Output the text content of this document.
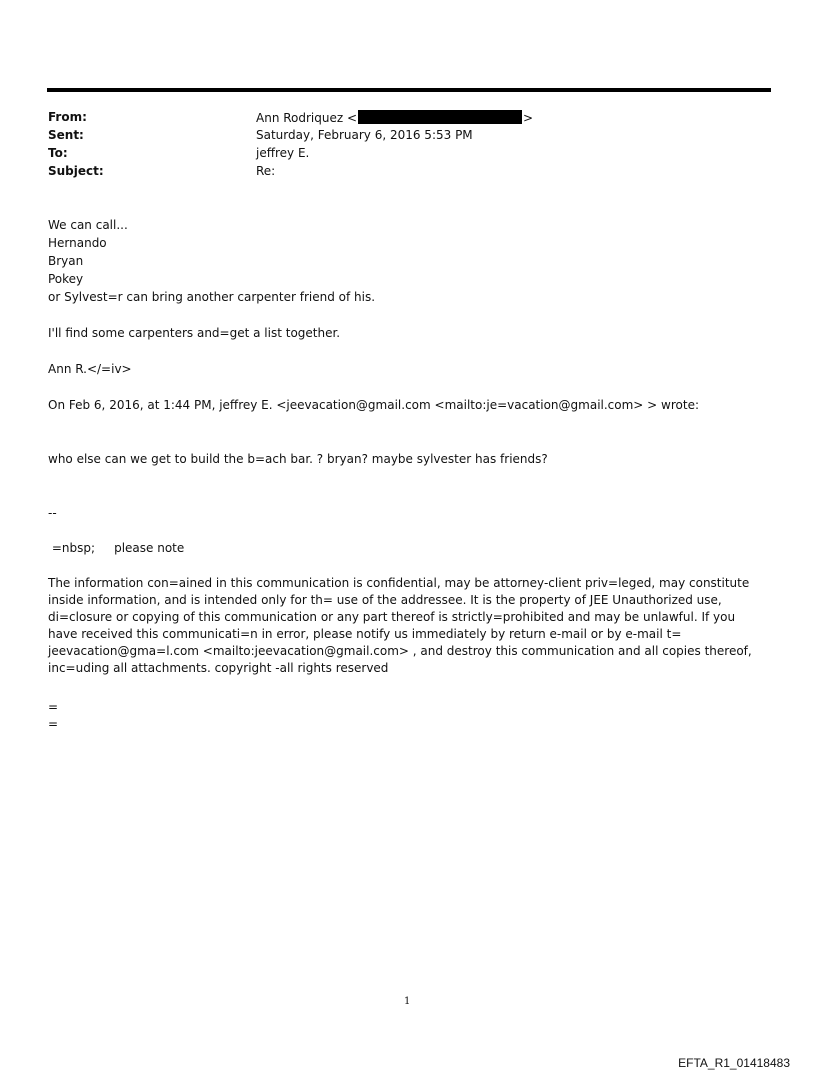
From:	Ann Rodriquez <	>
Sent:	Saturday, February 6, 2016 5:53 PM
To:	jeffrey E.
Subject:	Re:
We can call...
Hernando
Bryan
Pokey
or Sylvest=r can bring another carpenter friend of his.
I'll find some carpenters and=get a list together.
Ann R.</=iv>
On Feb 6, 2016, at 1:44 PM, jeffrey E. <jeevacation@gmail.com <mailto:je=vacation@gmail.com> > wrote:
who else can we get to build the b=ach bar. ? bryan? maybe sylvester has friends?
--
=nbsp;     please note
The information con=ained in this communication is confidential, may be attorney-client priv=leged, may constitute inside information, and is intended only for th= use of the addressee. It is the property of JEE Unauthorized use, di=closure or copying of this communication or any part thereof is strictly=prohibited and may be unlawful. If you have received this communicati=n in error, please notify us immediately by return e-mail or by e-mail t= jeevacation@gma=l.com <mailto:jeevacation@gmail.com> , and destroy this communication and all copies thereof, inc=uding all attachments. copyright -all rights reserved
=
=
1
EFTA_R1_01418483
